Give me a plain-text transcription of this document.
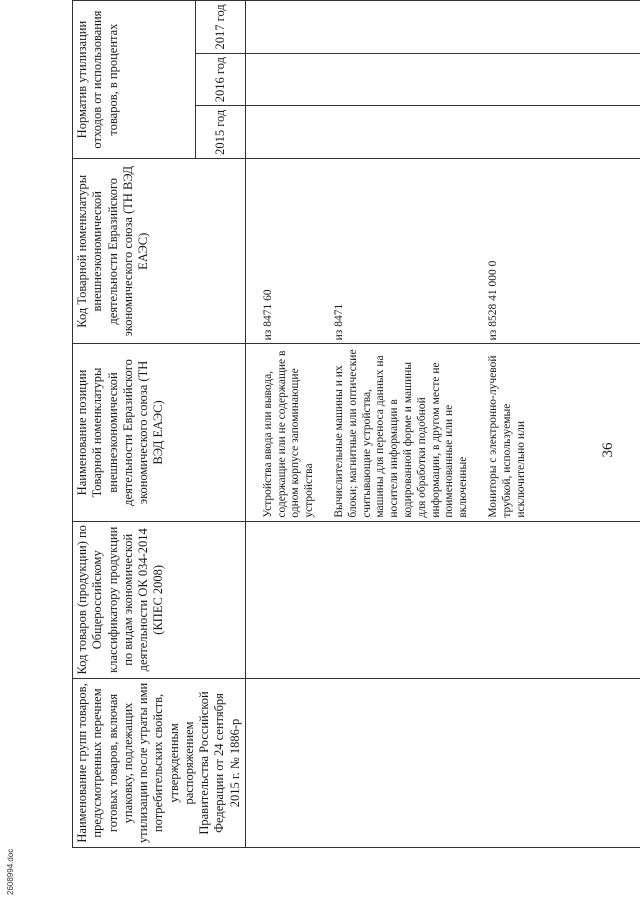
2608994.doc
36
Наименование групп товаров, предусмотренных перечнем готовых товаров, включая упаковку, подлежащих утилизации после утраты ими потребительских свойств, утвержденным распоряжением Правительства Российской Федерации от 24 сентября 2015 г. № 1886-р	Код товаров (продукции) по Общероссийскому классификатору продукции по видам экономической деятельности ОК 034-2014 (КПЕС 2008)	Наименование позиции Товарной номенклатуры внешнеэкономической деятельности Евразийского экономического союза (ТН ВЭД ЕАЭС)	Код Товарной номенклатуры внешнеэкономической деятельности Евразийского экономического союза (ТН ВЭД ЕАЭС)	Норматив утилизации отходов от использования товаров, в процентах		
				2015 год	2016 год	2017 год
		Устройства ввода или вывода, содержащие или не содержащие в одном корпусе запоминающие устройства	из 8471 60			
		Вычислительные машины и их блоки; магнитные или оптические считывающие устройства, машины для переноса данных на носители информации в кодированной форме и машины для обработки подобной информации, в другом месте не поименованные или не включенные	из 8471			
		Мониторы с электронно-лучевой трубкой, используемые исключительно или	из 8528 41 000 0			
